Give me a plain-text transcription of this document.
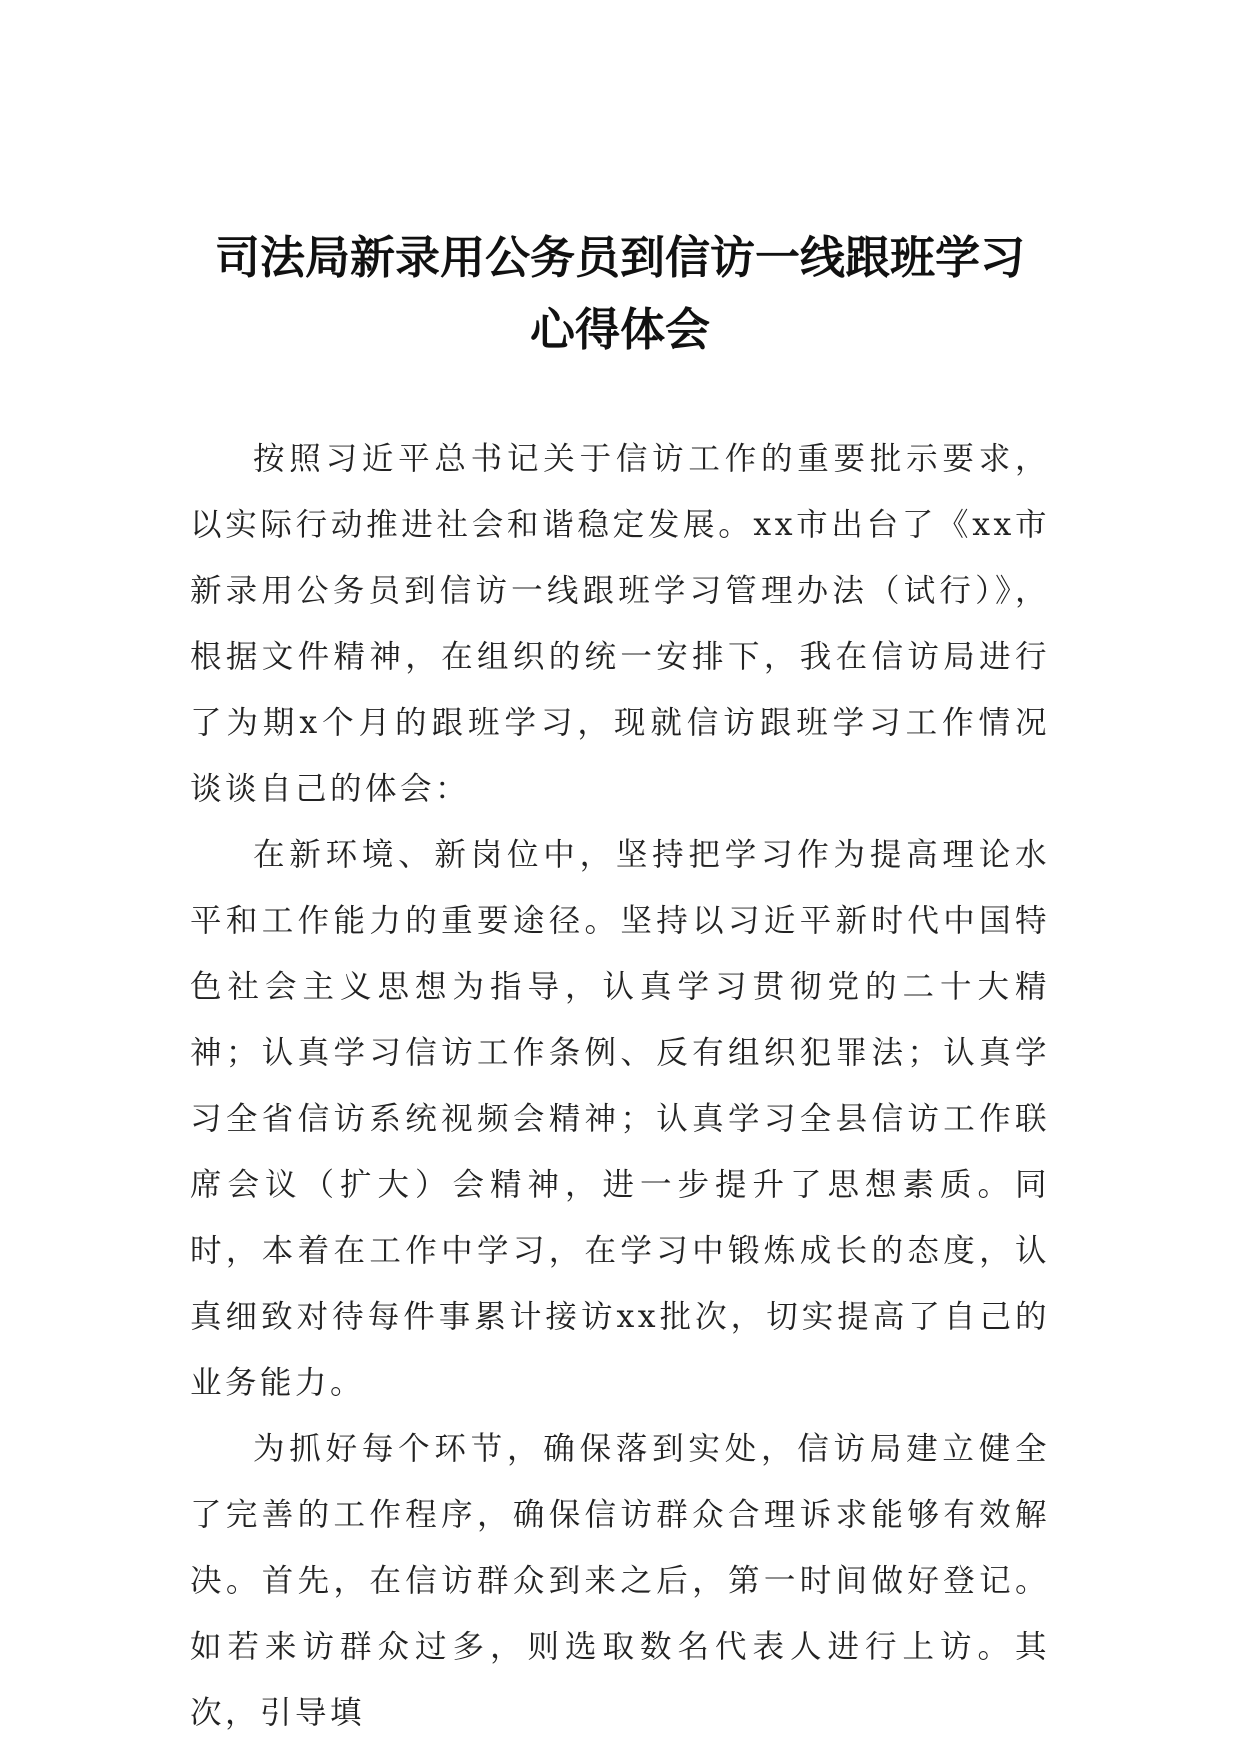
司法局新录用公务员到信访一线跟班学习
心得体会

按照习近平总书记关于信访工作的重要批示要求，以实际行动推进社会和谐稳定发展。xx市出台了《xx市新录用公务员到信访一线跟班学习管理办法（试行）》，根据文件精神，在组织的统一安排下，我在信访局进行了为期x个月的跟班学习，现就信访跟班学习工作情况谈谈自己的体会：

在新环境、新岗位中，坚持把学习作为提高理论水平和工作能力的重要途径。坚持以习近平新时代中国特色社会主义思想为指导，认真学习贯彻党的二十大精神；认真学习信访工作条例、反有组织犯罪法；认真学习全省信访系统视频会精神；认真学习全县信访工作联席会议（扩大）会精神，进一步提升了思想素质。同时，本着在工作中学习，在学习中锻炼成长的态度，认真细致对待每件事累计接访xx批次，切实提高了自己的业务能力。

为抓好每个环节，确保落到实处，信访局建立健全了完善的工作程序，确保信访群众合理诉求能够有效解决。首先，在信访群众到来之后，第一时间做好登记。如若来访群众过多，则选取数名代表人进行上访。其次，引导填
